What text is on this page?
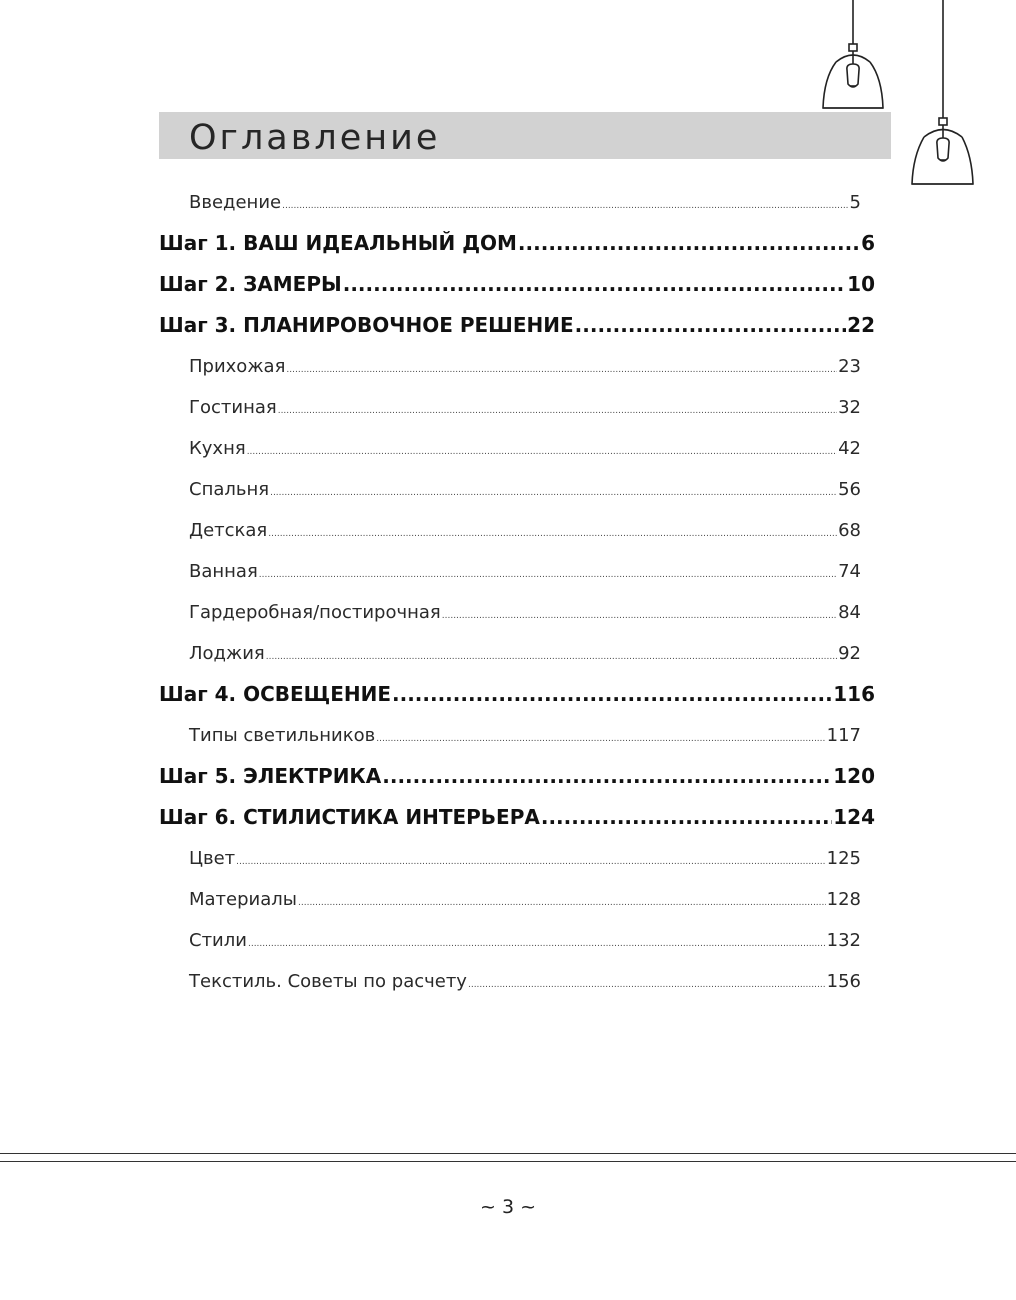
Оглавление
Введение .....	5
Шаг 1. ВАШ ИДЕАЛЬНЫЙ ДОМ .....	6
Шаг 2. ЗАМЕРЫ .....	10
Шаг 3. ПЛАНИРОВОЧНОЕ РЕШЕНИЕ .....	22
Прихожая .....	23
Гостиная .....	32
Кухня .....	42
Спальня .....	56
Детская .....	68
Ванная .....	74
Гардеробная/постирочная .....	84
Лоджия .....	92
Шаг 4. ОСВЕЩЕНИЕ .....	116
Типы светильников .....	117
Шаг 5. ЭЛЕКТРИКА .....	120
Шаг 6. СТИЛИСТИКА ИНТЕРЬЕРА .....	124
Цвет .....	125
Материалы .....	128
Стили .....	132
Текстиль. Советы по расчету .....	156
~ 3 ~
